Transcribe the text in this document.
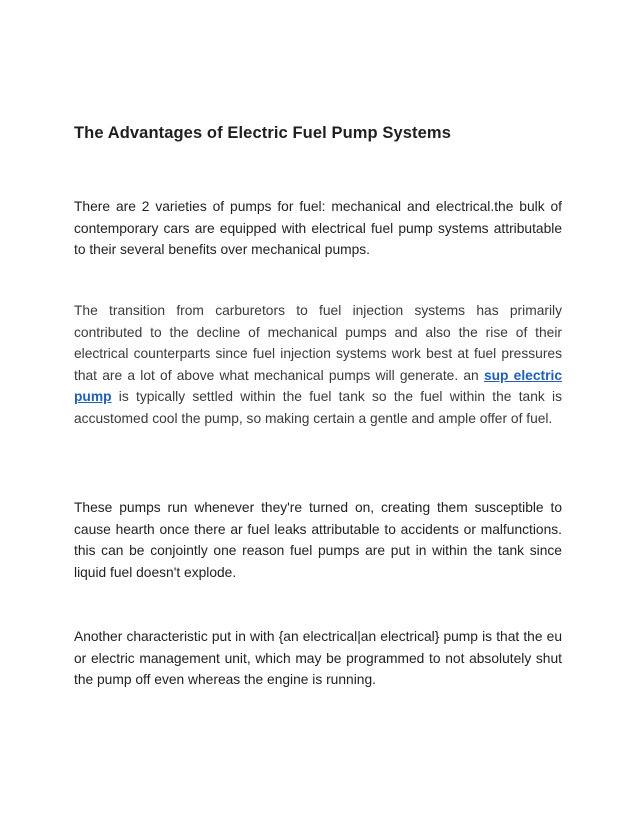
The Advantages of Electric Fuel Pump Systems

There are 2 varieties of pumps for fuel: mechanical and electrical.the bulk of contemporary cars are equipped with electrical fuel pump systems attributable to their several benefits over mechanical pumps.

The transition from carburetors to fuel injection systems has primarily contributed to the decline of mechanical pumps and also the rise of their electrical counterparts since fuel injection systems work best at fuel pressures that are a lot of above what mechanical pumps will generate. an sup electric pump is typically settled within the fuel tank so the fuel within the tank is accustomed cool the pump, so making certain a gentle and ample offer of fuel.

These pumps run whenever they're turned on, creating them susceptible to cause hearth once there ar fuel leaks attributable to accidents or malfunctions. this can be conjointly one reason fuel pumps are put in within the tank since liquid fuel doesn't explode.

Another characteristic put in with {an electrical|an electrical} pump is that the eu or electric management unit, which may be programmed to not absolutely shut the pump off even whereas the engine is running.
